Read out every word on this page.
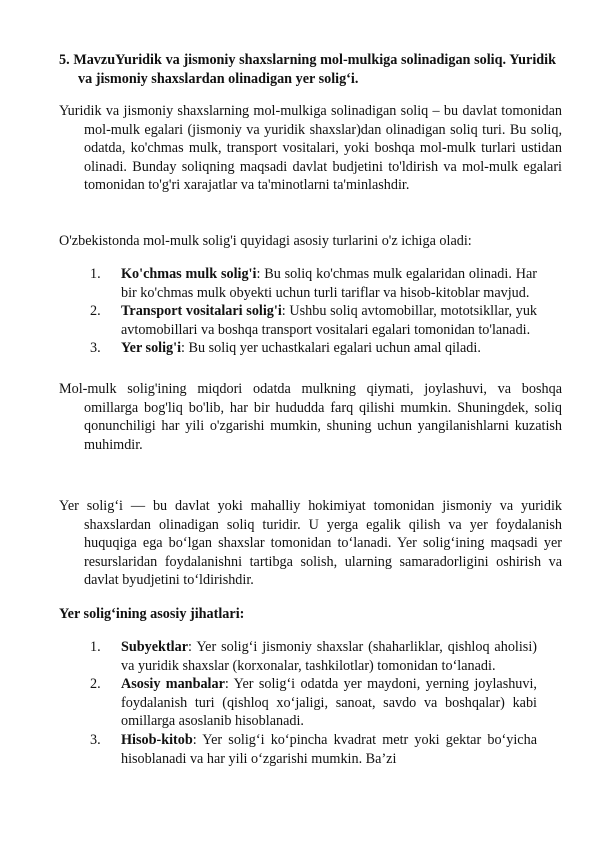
5. MavzuYuridik va jismoniy shaxslarning mol-mulkiga solinadigan soliq. Yuridik va jismoniy shaxslardan olinadigan yer solig‘i.
Yuridik va jismoniy shaxslarning mol-mulkiga solinadigan soliq – bu davlat tomonidan mol-mulk egalari (jismoniy va yuridik shaxslar)dan olinadigan soliq turi. Bu soliq, odatda, ko'chmas mulk, transport vositalari, yoki boshqa mol-mulk turlari ustidan olinadi. Bunday soliqning maqsadi davlat budjetini to'ldirish va mol-mulk egalari tomonidan to'g'ri xarajatlar va ta'minotlarni ta'minlashdir.
O'zbekistonda mol-mulk solig'i quyidagi asosiy turlarini o'z ichiga oladi:
1. Ko'chmas mulk solig'i: Bu soliq ko'chmas mulk egalaridan olinadi. Har bir ko'chmas mulk obyekti uchun turli tariflar va hisob-kitoblar mavjud.
2. Transport vositalari solig'i: Ushbu soliq avtomobillar, mototsikllar, yuk avtomobillari va boshqa transport vositalari egalari tomonidan to'lanadi.
3. Yer solig'i: Bu soliq yer uchastkalari egalari uchun amal qiladi.
Mol-mulk solig'ining miqdori odatda mulkning qiymati, joylashuvi, va boshqa omillarga bog'liq bo'lib, har bir hududda farq qilishi mumkin. Shuningdek, soliq qonunchiligi har yili o'zgarishi mumkin, shuning uchun yangilanishlarni kuzatish muhimdir.
Yer solig‘i — bu davlat yoki mahalliy hokimiyat tomonidan jismoniy va yuridik shaxslardan olinadigan soliq turidir. U yerga egalik qilish va yer foydalanish huquqiga ega bo‘lgan shaxslar tomonidan to‘lanadi. Yer solig‘ining maqsadi yer resurslaridan foydalanishni tartibga solish, ularning samaradorligini oshirish va davlat byudjetini to‘ldirishdir.
Yer solig‘ining asosiy jihatlari:
1. Subyektlar: Yer solig‘i jismoniy shaxslar (shaharliklar, qishloq aholisi) va yuridik shaxslar (korxonalar, tashkilotlar) tomonidan to‘lanadi.
2. Asosiy manbalar: Yer solig‘i odatda yer maydoni, yerning joylashuvi, foydalanish turi (qishloq xo‘jaligi, sanoat, savdo va boshqalar) kabi omillarga asoslanib hisoblanadi.
3. Hisob-kitob: Yer solig‘i ko‘pincha kvadrat metr yoki gektar bo‘yicha hisoblanadi va har yili o‘zgarishi mumkin. Ba’zi
